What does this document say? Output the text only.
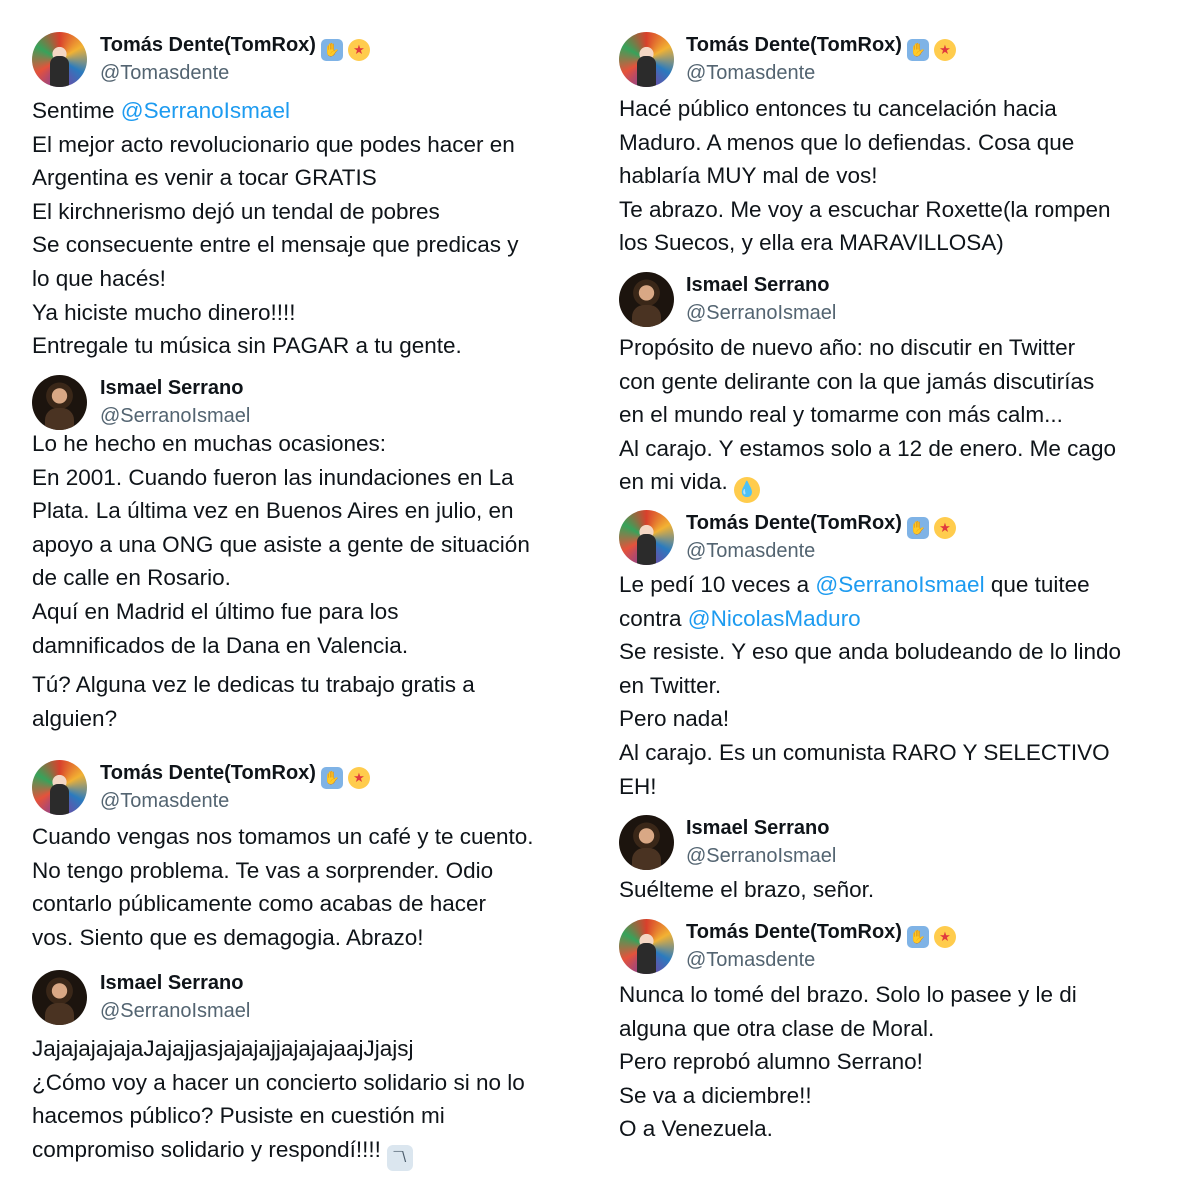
Tomás Dente(TomRox) ✋ ★
@Tomasdente

Sentime @SerranoIsmael
El mejor acto revolucionario que podes hacer en
Argentina es venir a tocar GRATIS
El kirchnerismo dejó un tendal de pobres
Se consecuente entre el mensaje que predicas y
lo que hacés!
Ya hiciste mucho dinero!!!!
Entregale tu música sin PAGAR a tu gente.

Ismael Serrano
@SerranoIsmael

Lo he hecho en muchas ocasiones:
En 2001. Cuando fueron las inundaciones en La
Plata. La última vez en Buenos Aires en julio, en
apoyo a una ONG que asiste a gente de situación
de calle en Rosario.
Aquí en Madrid el último fue para los
damnificados de la Dana en Valencia.

Tú? Alguna vez le dedicas tu trabajo gratis a
alguien?

Tomás Dente(TomRox) ✋ ★
@Tomasdente

Cuando vengas nos tomamos un café y te cuento.
No tengo problema. Te vas a sorprender. Odio
contarlo públicamente como acabas de hacer
vos. Siento que es demagogia. Abrazo!

Ismael Serrano
@SerranoIsmael

JajajajajajaJajajjasjajajajjajajajaajJjajsj
¿Cómo voy a hacer un concierto solidario si no lo
hacemos público? Pusiste en cuestión mi
compromiso solidario y respondí!!!! ¯\

Tomás Dente(TomRox) ✋ ★
@Tomasdente

Hacé público entonces tu cancelación hacia
Maduro. A menos que lo defiendas. Cosa que
hablaría MUY mal de vos!
Te abrazo. Me voy a escuchar Roxette(la rompen
los Suecos, y ella era MARAVILLOSA)

Ismael Serrano
@SerranoIsmael

Propósito de nuevo año: no discutir en Twitter
con gente delirante con la que jamás discutirías
en el mundo real y tomarme con más calm...
Al carajo. Y estamos solo a 12 de enero. Me cago
en mi vida. 💧

Tomás Dente(TomRox) ✋ ★
@Tomasdente

Le pedí 10 veces a @SerranoIsmael que tuitee
contra @NicolasMaduro
Se resiste. Y eso que anda boludeando de lo lindo
en Twitter.
Pero nada!
Al carajo. Es un comunista RARO Y SELECTIVO
EH!

Ismael Serrano
@SerranoIsmael

Suélteme el brazo, señor.

Tomás Dente(TomRox) ✋ ★
@Tomasdente

Nunca lo tomé del brazo. Solo lo pasee y le di
alguna que otra clase de Moral.
Pero reprobó alumno Serrano!
Se va a diciembre!!
O a Venezuela.
